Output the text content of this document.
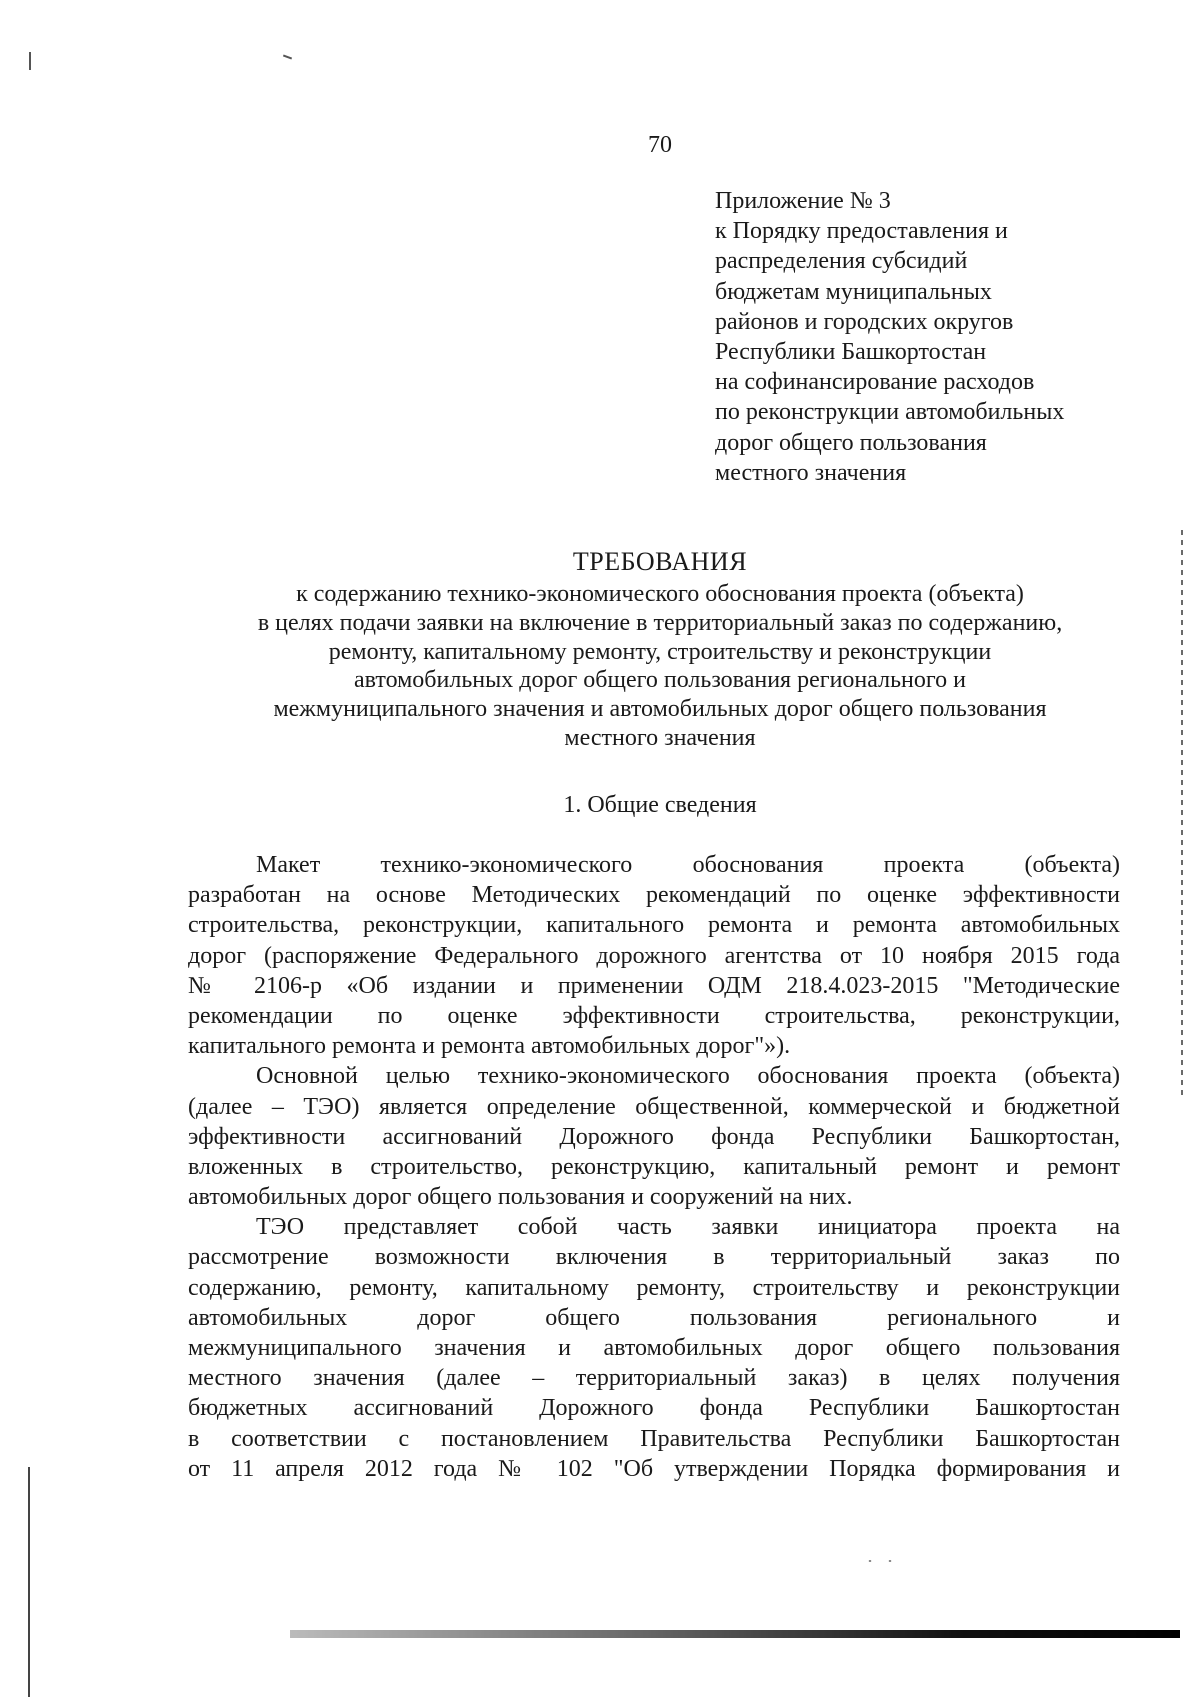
70
Приложение № 3
к Порядку предоставления и
распределения субсидий
бюджетам муниципальных
районов и городских округов
Республики Башкортостан
на софинансирование расходов
по реконструкции автомобильных
дорог общего пользования
местного значения
ТРЕБОВАНИЯ
к содержанию технико-экономического обоснования проекта (объекта)
в целях подачи заявки на включение в территориальный заказ по содержанию,
ремонту, капитальному ремонту, строительству и реконструкции
автомобильных дорог общего пользования регионального и
межмуниципального значения и автомобильных дорог общего пользования
местного значения
1. Общие сведения
Макет технико-экономического обоснования проекта (объекта)
разработан на основе Методических рекомендаций по оценке эффективности
строительства, реконструкции, капитального ремонта и ремонта автомобильных
дорог (распоряжение Федерального дорожного агентства от 10 ноября 2015 года
№ 2106-р «Об издании и применении ОДМ 218.4.023-2015 "Методические
рекомендации по оценке эффективности строительства, реконструкции,
капитального ремонта и ремонта автомобильных дорог"»).
Основной целью технико-экономического обоснования проекта (объекта)
(далее – ТЭО) является определение общественной, коммерческой и бюджетной
эффективности ассигнований Дорожного фонда Республики Башкортостан,
вложенных в строительство, реконструкцию, капитальный ремонт и ремонт
автомобильных дорог общего пользования и сооружений на них.
ТЭО представляет собой часть заявки инициатора проекта на
рассмотрение возможности включения в территориальный заказ по
содержанию, ремонту, капитальному ремонту, строительству и реконструкции
автомобильных дорог общего пользования регионального и
межмуниципального значения и автомобильных дорог общего пользования
местного значения (далее – территориальный заказ) в целях получения
бюджетных ассигнований Дорожного фонда Республики Башкортостан
в соответствии с постановлением Правительства Республики Башкортостан
от 11 апреля 2012 года № 102 "Об утверждении Порядка формирования и
